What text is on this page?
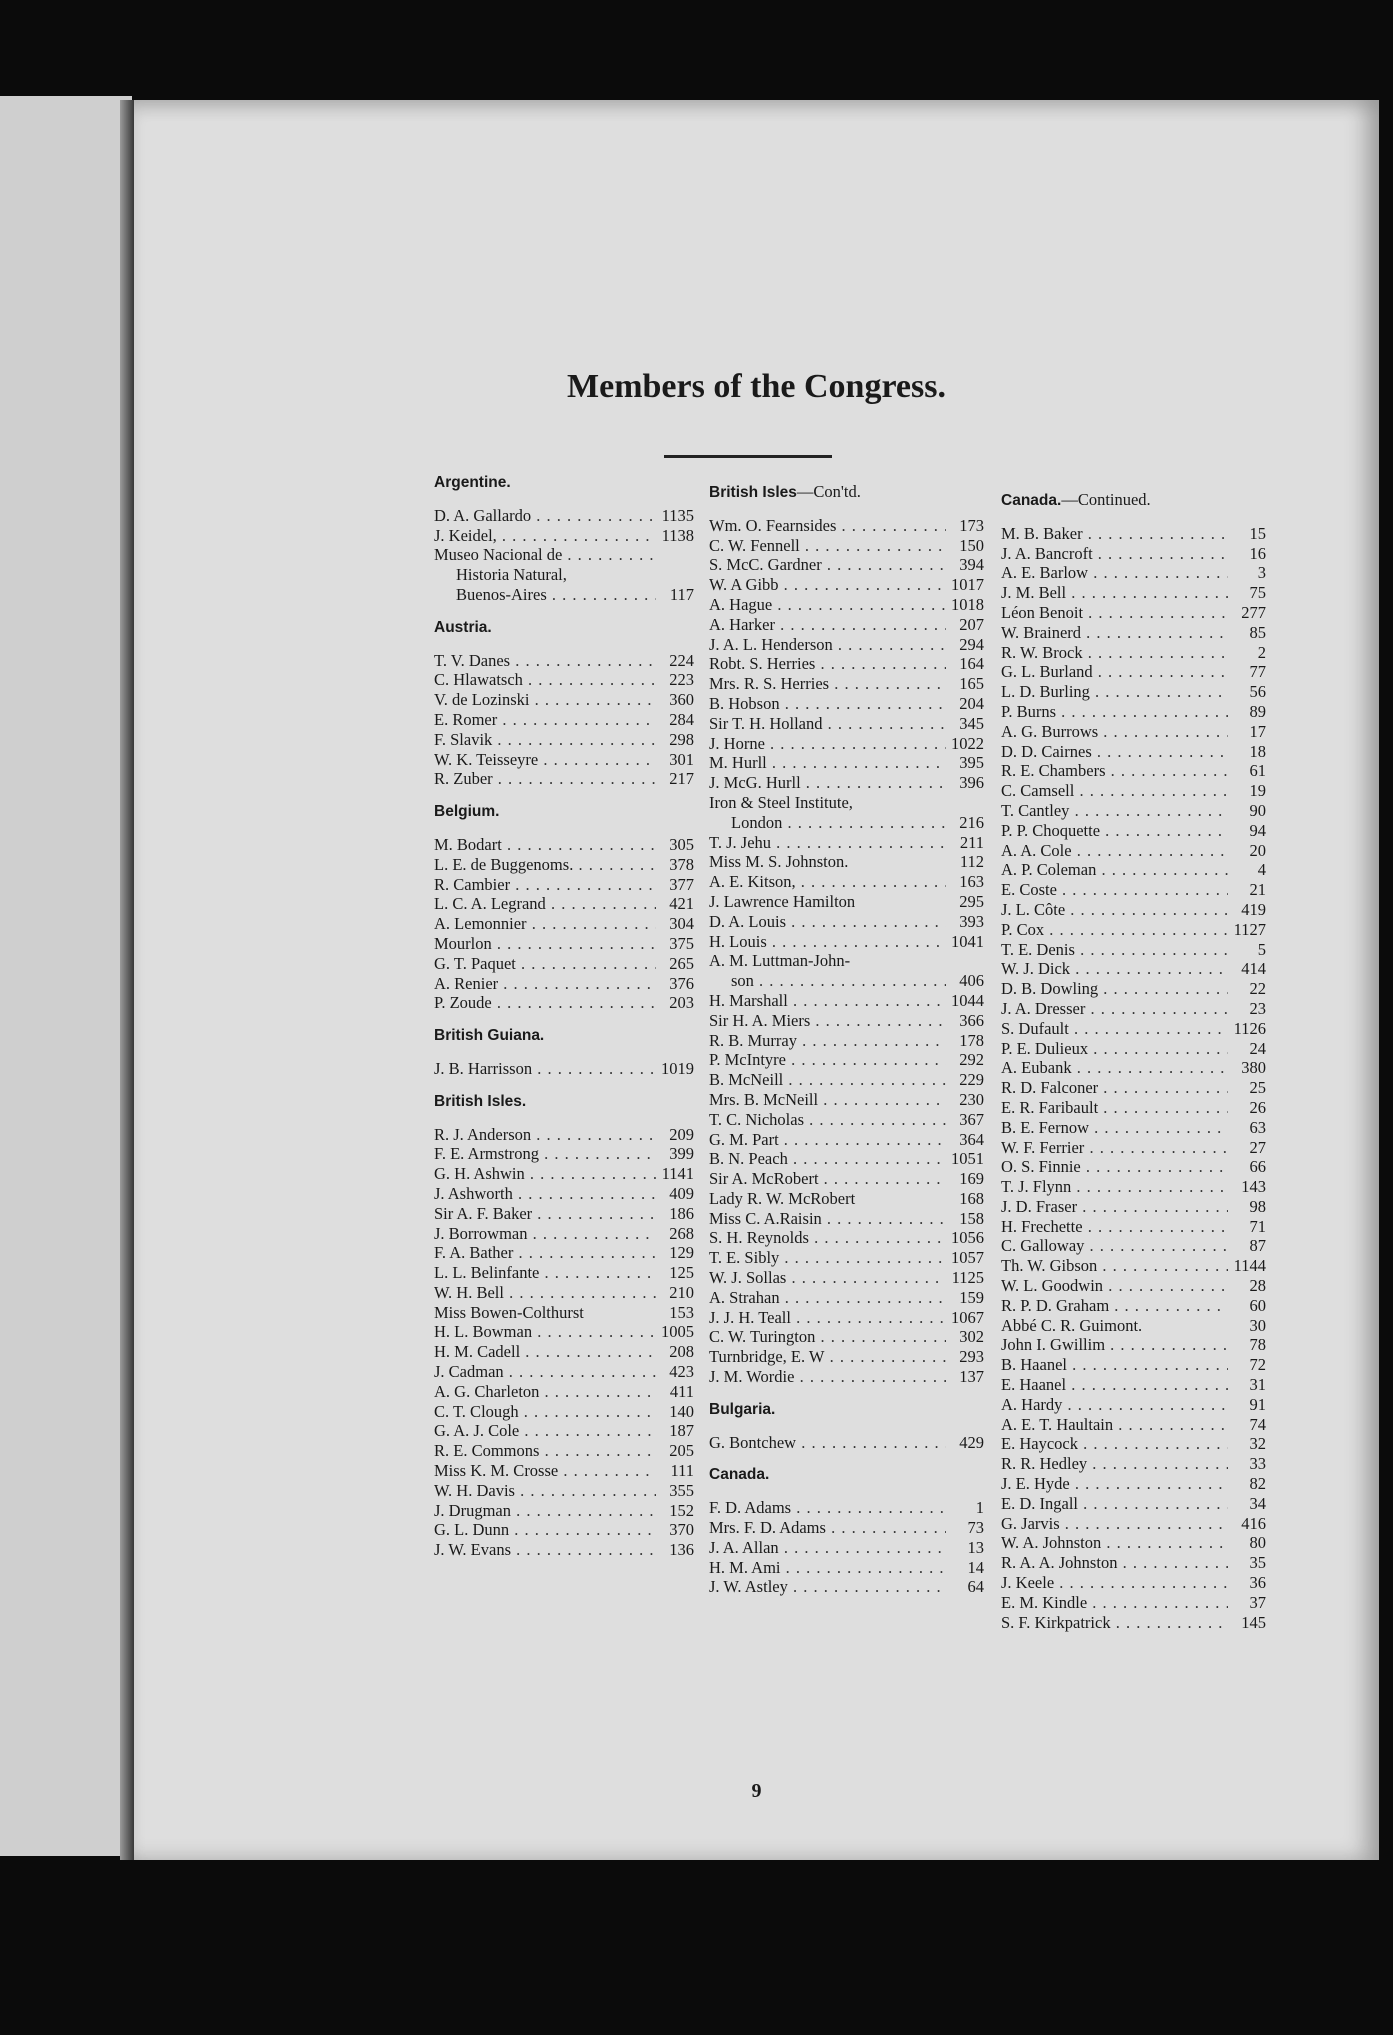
Members of the Congress.
Argentine.
D. A. Gallardo . . .	1135
J. Keidel, . . .	1138
Museo Nacional de . . .
Historia Natural,
Buenos-Aires . . .	117
Austria.
T. V. Danes . . .	224
C. Hlawatsch . . .	223
V. de Lozinski . . .	360
E. Romer . . .	284
F. Slavik . . .	298
W. K. Teisseyre . . .	301
R. Zuber . . .	217
Belgium.
M. Bodart . . .	305
L. E. de Buggenoms. . . .	378
R. Cambier . . .	377
L. C. A. Legrand . . .	421
A. Lemonnier . . .	304
Mourlon . . .	375
G. T. Paquet . . .	265
A. Renier . . .	376
P. Zoude . . .	203
British Guiana.
J. B. Harrisson . . .	1019
British Isles.
R. J. Anderson . . .	209
F. E. Armstrong . . .	399
G. H. Ashwin . . .	1141
J. Ashworth . . .	409
Sir A. F. Baker . . .	186
J. Borrowman . . .	268
F. A. Bather . . .	129
L. L. Belinfante . . .	125
W. H. Bell . . .	210
Miss Bowen-Colthurst	153
H. L. Bowman . . .	1005
H. M. Cadell . . .	208
J. Cadman . . .	423
A. G. Charleton . . .	411
C. T. Clough . . .	140
G. A. J. Cole . . .	187
R. E. Commons . . .	205
Miss K. M. Crosse . . .	111
W. H. Davis . . .	355
J. Drugman . . .	152
G. L. Dunn . . .	370
J. W. Evans . . .	136
British Isles—Con'td.
Wm. O. Fearnsides . . .	173
C. W. Fennell . . .	150
S. McC. Gardner . . .	394
W. A Gibb . . .	1017
A. Hague . . .	1018
A. Harker . . .	207
J. A. L. Henderson . . .	294
Robt. S. Herries . . .	164
Mrs. R. S. Herries . . .	165
B. Hobson . . .	204
Sir T. H. Holland . . .	345
J. Horne . . .	1022
M. Hurll . . .	395
J. McG. Hurll . . .	396
Iron & Steel Institute,
London . . .	216
T. J. Jehu . . .	211
Miss M. S. Johnston.	112
A. E. Kitson, . . .	163
J. Lawrence Hamilton	295
D. A. Louis . . .	393
H. Louis . . .	1041
A. M. Luttman-John-
son . . .	406
H. Marshall . . .	1044
Sir H. A. Miers . . .	366
R. B. Murray . . .	178
P. McIntyre . . .	292
B. McNeill . . .	229
Mrs. B. McNeill . . .	230
T. C. Nicholas . . .	367
G. M. Part . . .	364
B. N. Peach . . .	1051
Sir A. McRobert . . .	169
Lady R. W. McRobert	168
Miss C. A.Raisin . . .	158
S. H. Reynolds . . .	1056
T. E. Sibly . . .	1057
W. J. Sollas . . .	1125
A. Strahan . . .	159
J. J. H. Teall . . .	1067
C. W. Turington . . .	302
Turnbridge, E. W . . .	293
J. M. Wordie . . .	137
Bulgaria.
G. Bontchew . . .	429
Canada.
F. D. Adams . . .	1
Mrs. F. D. Adams . . .	73
J. A. Allan . . .	13
H. M. Ami . . .	14
J. W. Astley . . .	64
Canada.—Continued.
M. B. Baker . . .	15
J. A. Bancroft . . .	16
A. E. Barlow . . .	3
J. M. Bell . . .	75
Léon Benoit . . .	277
W. Brainerd . . .	85
R. W. Brock . . .	2
G. L. Burland . . .	77
L. D. Burling . . .	56
P. Burns . . .	89
A. G. Burrows . . .	17
D. D. Cairnes . . .	18
R. E. Chambers . . .	61
C. Camsell . . .	19
T. Cantley . . .	90
P. P. Choquette . . .	94
A. A. Cole . . .	20
A. P. Coleman . . .	4
E. Coste . . .	21
J. L. Côte . . .	419
P. Cox . . .	1127
T. E. Denis . . .	5
W. J. Dick . . .	414
D. B. Dowling . . .	22
J. A. Dresser . . .	23
S. Dufault . . .	1126
P. E. Dulieux . . .	24
A. Eubank . . .	380
R. D. Falconer . . .	25
E. R. Faribault . . .	26
B. E. Fernow . . .	63
W. F. Ferrier . . .	27
O. S. Finnie . . .	66
T. J. Flynn . . .	143
J. D. Fraser . . .	98
H. Frechette . . .	71
C. Galloway . . .	87
Th. W. Gibson . . .	1144
W. L. Goodwin . . .	28
R. P. D. Graham . . .	60
Abbé C. R. Guimont.	30
John I. Gwillim . . .	78
B. Haanel . . .	72
E. Haanel . . .	31
A. Hardy . . .	91
A. E. T. Haultain . . .	74
E. Haycock . . .	32
R. R. Hedley . . .	33
J. E. Hyde . . .	82
E. D. Ingall . . .	34
G. Jarvis . . .	416
W. A. Johnston . . .	80
R. A. A. Johnston . . .	35
J. Keele . . .	36
E. M. Kindle . . .	37
S. F. Kirkpatrick . . .	145
9
